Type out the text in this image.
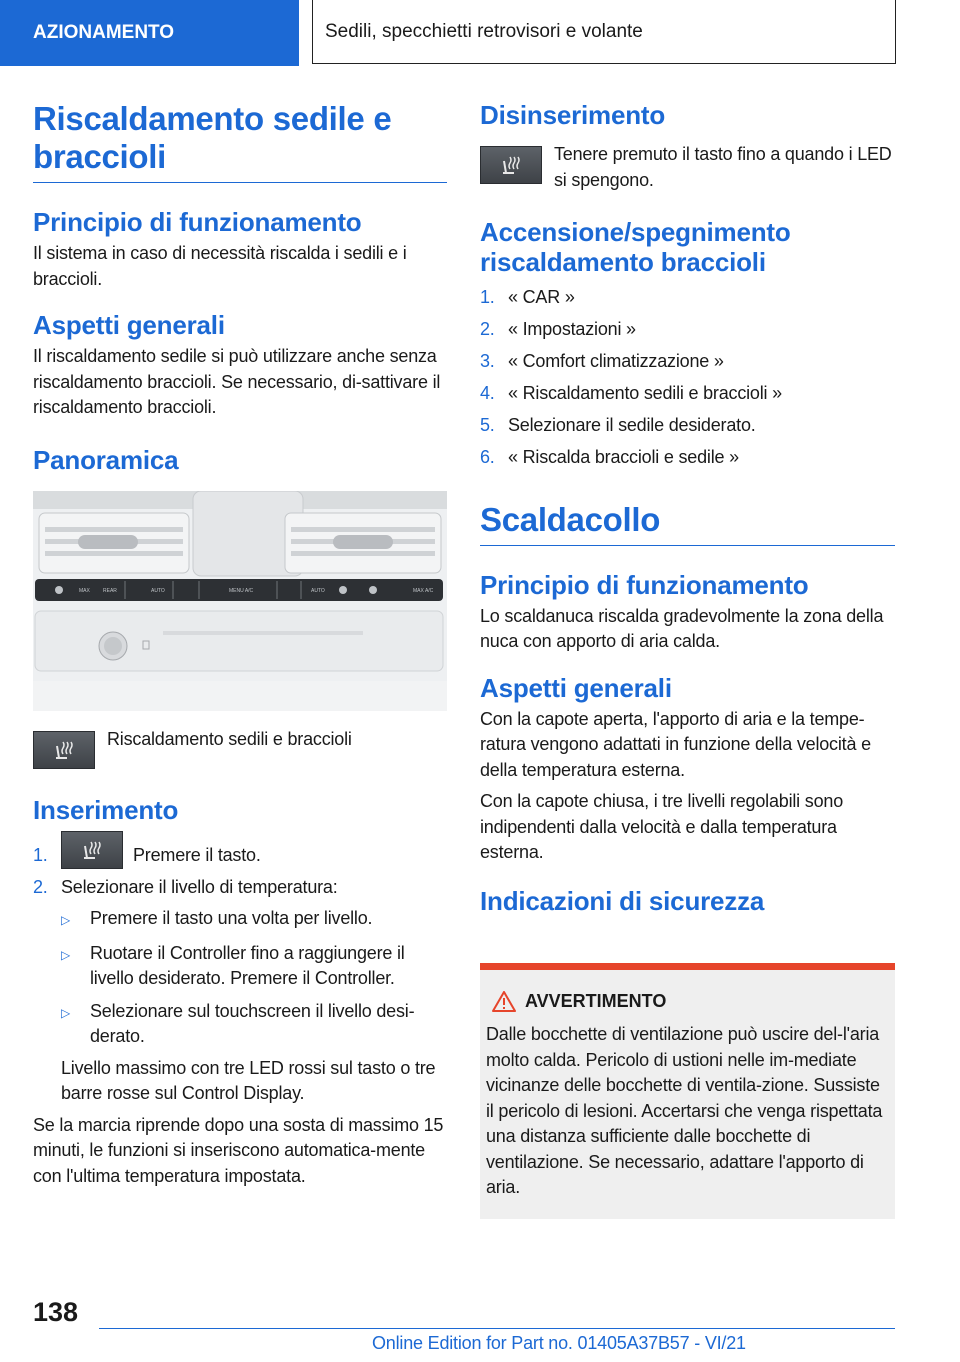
AZIONAMENTO	Sedili, specchietti retrovisori e volante
Riscaldamento sedile e
braccioli
Principio di funzionamento

Il sistema in caso di necessità riscalda i sedili e i braccioli.

Aspetti generali

Il riscaldamento sedile si può utilizzare anche senza riscaldamento braccioli. Se necessario, di-sattivare il riscaldamento braccioli.

Panoramica
MAX	REAR	AUTO	MENU A/C	AUTO	MAX A/C

Riscaldamento sedili e braccioli

Inserimento
1.	Premere il tasto.
2. Selezionare il livello di temperatura:
▷	Premere il tasto una volta per livello.
▷	Ruotare il Controller fino a raggiungere il livello desiderato. Premere il Controller.
▷	Selezionare sul touchscreen il livello desi-derato.

Livello massimo con tre LED rossi sul tasto o tre barre rosse sul Control Display.

Se la marcia riprende dopo una sosta di massimo 15 minuti, le funzioni si inseriscono automatica-mente con l'ultima temperatura impostata.

Disinserimento

Tenere premuto il tasto fino a quando i LED si spengono.

Accensione/spegnimento
riscaldamento braccioli
1. « CAR »
2. « Impostazioni »
3. « Comfort climatizzazione »
4. « Riscaldamento sedili e braccioli »
5. Selezionare il sedile desiderato.
6. « Riscalda braccioli e sedile »
Scaldacollo
Principio di funzionamento

Lo scaldanuca riscalda gradevolmente la zona della nuca con apporto di aria calda.

Aspetti generali

Con la capote aperta, l'apporto di aria e la tempe-ratura vengono adattati in funzione della velocità e della temperatura esterna.

Con la capote chiusa, i tre livelli regolabili sono indipendenti dalla velocità e dalla temperatura esterna.

Indicazioni di sicurezza
AVVERTIMENTO

Dalle bocchette di ventilazione può uscire del-l'aria molto calda. Pericolo di ustioni nelle im-mediate vicinanze delle bocchette di ventila-zione. Sussiste il pericolo di lesioni. Accertarsi che venga rispettata una distanza sufficiente dalle bocchette di ventilazione. Se necessario, adattare l'apporto di aria.

138
Online Edition for Part no. 01405A37B57 - VI/21
